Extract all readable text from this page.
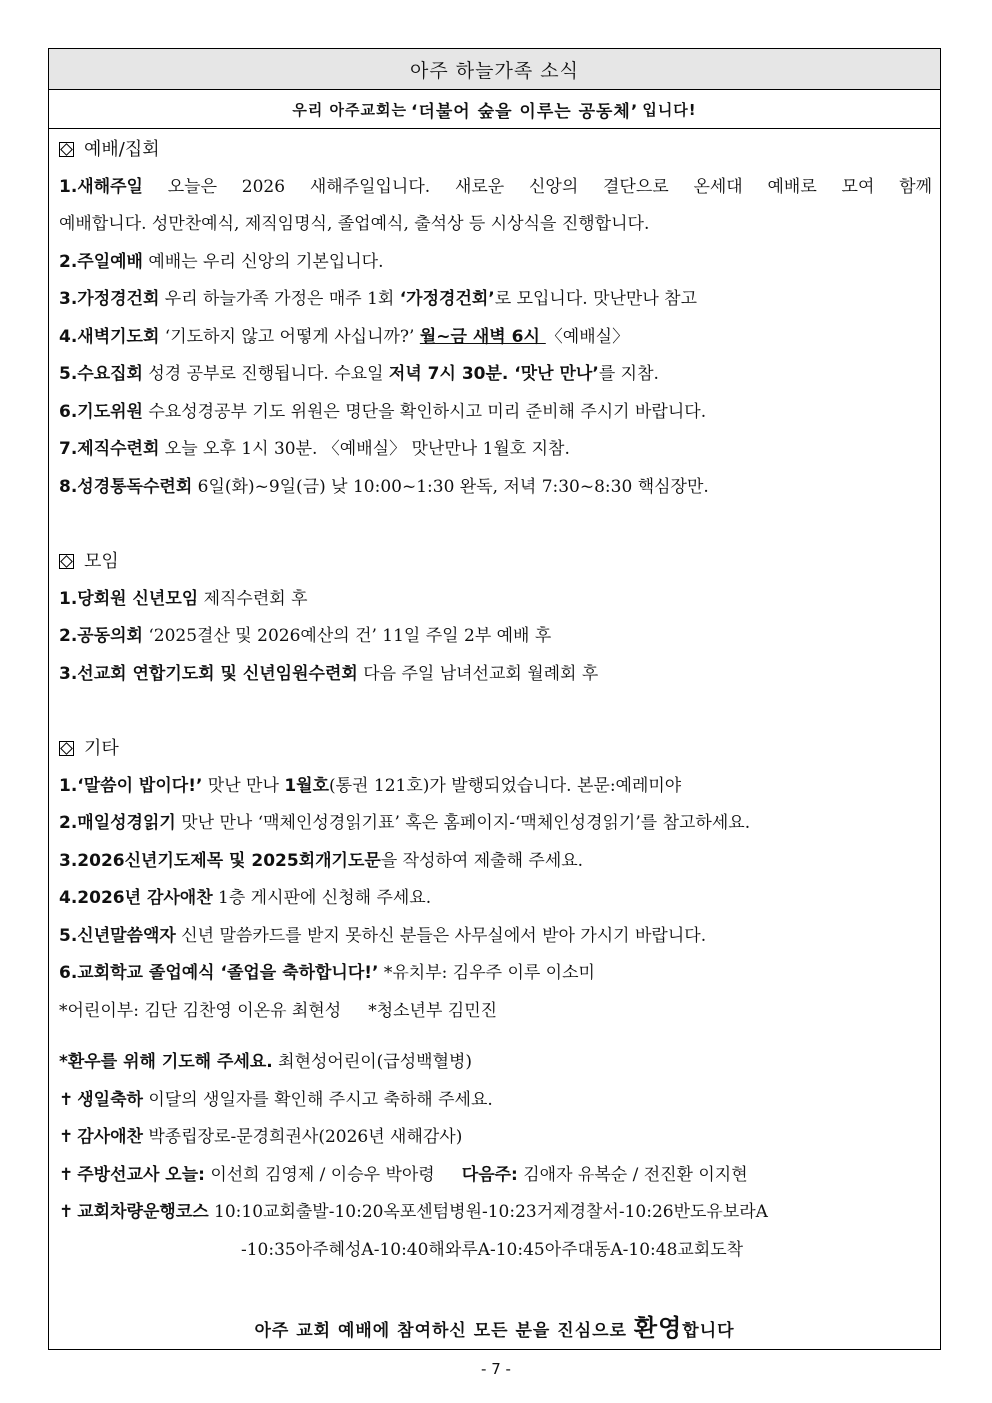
아주 하늘가족 소식
우리 아주교회는 ‘더불어 숲을 이루는 공동체’ 입니다!
예배/집회
1.새해주일 오늘은 2026 새해주일입니다. 새로운 신앙의 결단으로 온세대 예배로 모여 함께
예배합니다. 성만찬예식, 제직임명식, 졸업예식, 출석상 등 시상식을 진행합니다.
2.주일예배 예배는 우리 신앙의 기본입니다.
3.가정경건회 우리 하늘가족 가정은 매주 1회 ‘가정경건회’로 모입니다. 맛난만나 참고
4.새벽기도회 ‘기도하지 않고 어떻게 사십니까?’ 월~금 새벽 6시 〈예배실〉
5.수요집회 성경 공부로 진행됩니다. 수요일 저녁 7시 30분. ‘맛난 만나’를 지참.
6.기도위원 수요성경공부 기도 위원은 명단을 확인하시고 미리 준비해 주시기 바랍니다.
7.제직수련회 오늘 오후 1시 30분. 〈예배실〉 맛난만나 1월호 지참.
8.성경통독수련회 6일(화)~9일(금) 낮 10:00~1:30 완독, 저녁 7:30~8:30 핵심장만.
모임
1.당회원 신년모임 제직수련회 후
2.공동의회 ‘2025결산 및 2026예산의 건’ 11일 주일 2부 예배 후
3.선교회 연합기도회 및 신년임원수련회 다음 주일 남녀선교회 월례회 후
기타
1.‘말씀이 밥이다!’ 맛난 만나 1월호(통권 121호)가 발행되었습니다. 본문:예레미야
2.매일성경읽기 맛난 만나 ‘맥체인성경읽기표’ 혹은 홈페이지-‘맥체인성경읽기’를 참고하세요.
3.2026신년기도제목 및 2025회개기도문을 작성하여 제출해 주세요.
4.2026년 감사애찬 1층 게시판에 신청해 주세요.
5.신년말씀액자 신년 말씀카드를 받지 못하신 분들은 사무실에서 받아 가시기 바랍니다.
6.교회학교 졸업예식 ‘졸업을 축하합니다!’ *유치부: 김우주 이루 이소미
*어린이부: 김단 김찬영 이온유 최현성     *청소년부 김민진
*환우를 위해 기도해 주세요. 최현성어린이(급성백혈병)
✝ 생일축하 이달의 생일자를 확인해 주시고 축하해 주세요.
✝ 감사애찬 박종립장로-문경희권사(2026년 새해감사)
✝ 주방선교사 오늘: 이선희 김영제 / 이승우 박아령     다음주: 김애자 유복순 / 전진환 이지현
✝ 교회차량운행코스 10:10교회출발-10:20옥포센텀병원-10:23거제경찰서-10:26반도유보라A
-10:35아주혜성A-10:40해와루A-10:45아주대동A-10:48교회도착
아주 교회 예배에 참여하신 모든 분을 진심으로 환영합니다
- 7 -
